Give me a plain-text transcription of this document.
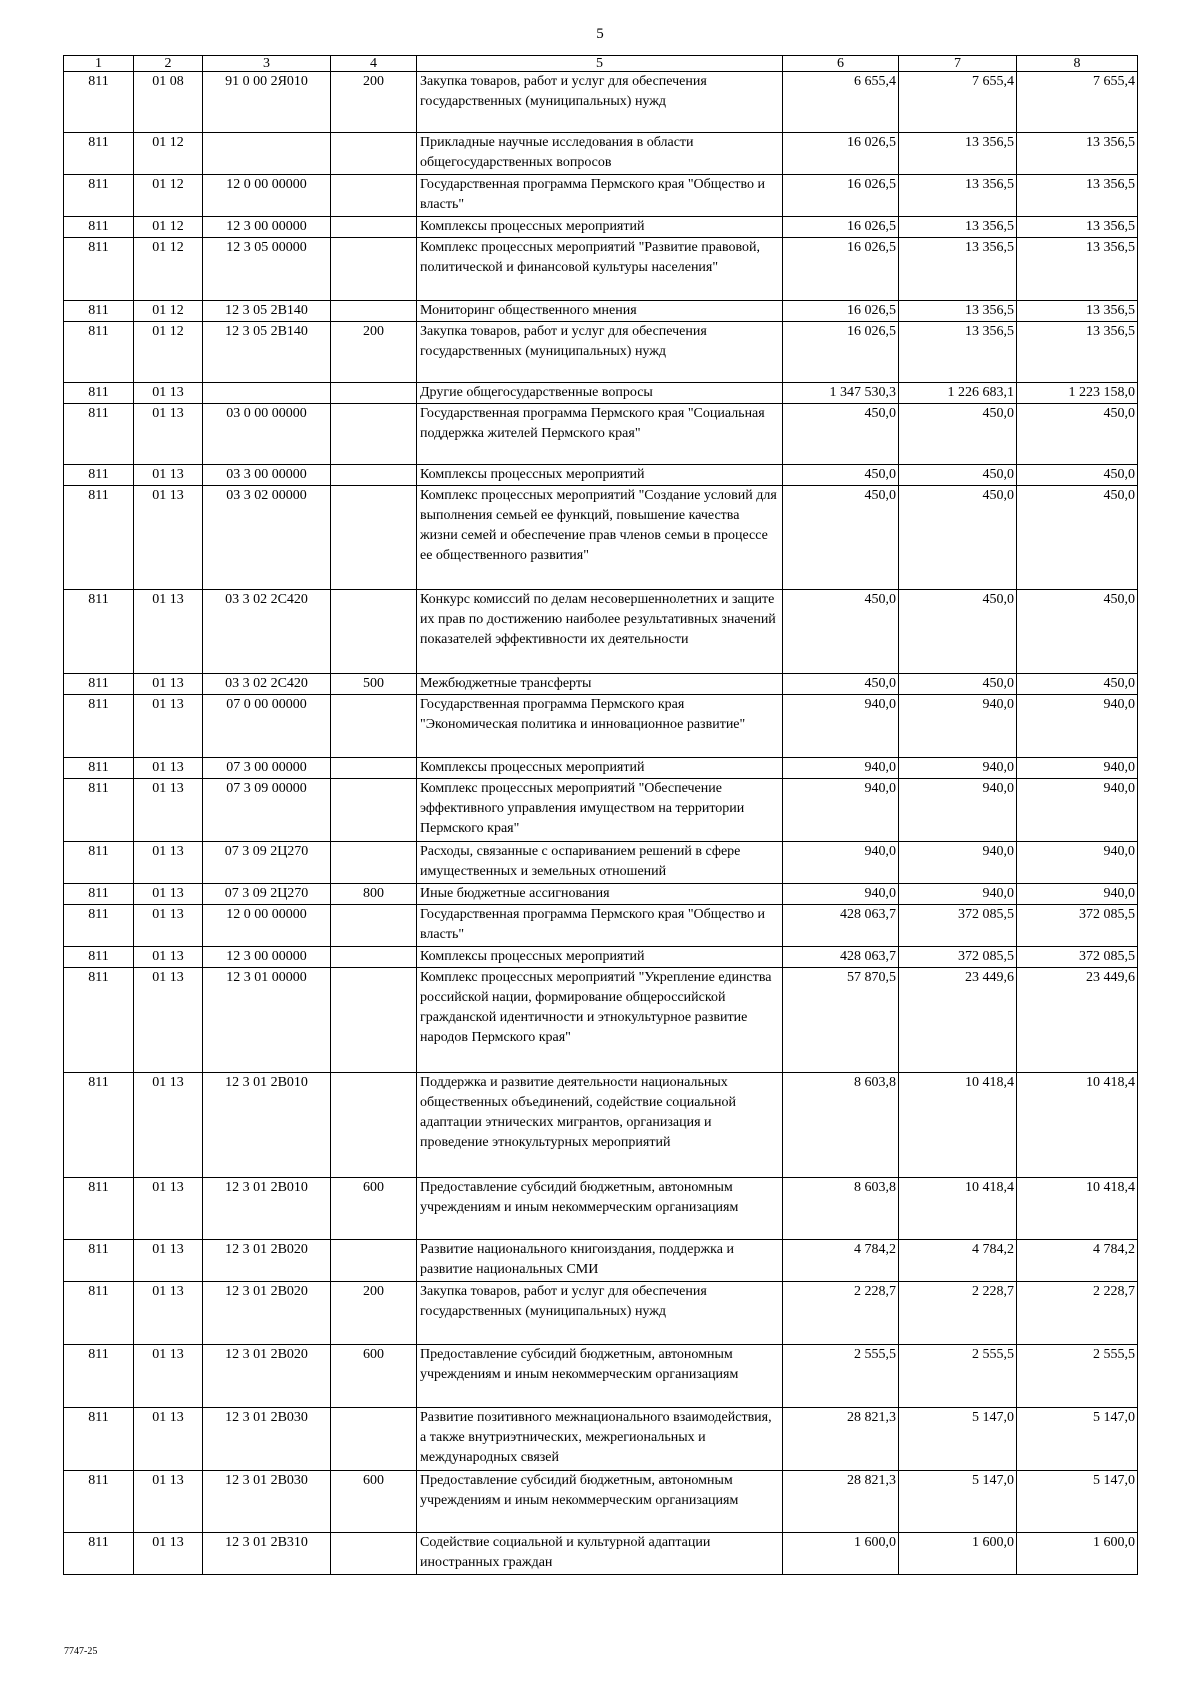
5
1	2	3	4	5	6	7	8
811	01 08	91 0 00 2Я010	200	Закупка товаров, работ и услуг для обеспечения государственных (муниципальных) нужд	6 655,4	7 655,4	7 655,4
811	01 12			Прикладные научные исследования в области общегосударственных вопросов	16 026,5	13 356,5	13 356,5
811	01 12	12 0 00 00000		Государственная программа Пермского края "Общество и власть"	16 026,5	13 356,5	13 356,5
811	01 12	12 3 00 00000		Комплексы процессных мероприятий	16 026,5	13 356,5	13 356,5
811	01 12	12 3 05 00000		Комплекс процессных мероприятий "Развитие правовой, политической и финансовой культуры населения"	16 026,5	13 356,5	13 356,5
811	01 12	12 3 05 2В140		Мониторинг общественного мнения	16 026,5	13 356,5	13 356,5
811	01 12	12 3 05 2В140	200	Закупка товаров, работ и услуг для обеспечения государственных (муниципальных) нужд	16 026,5	13 356,5	13 356,5
811	01 13			Другие общегосударственные вопросы	1 347 530,3	1 226 683,1	1 223 158,0
811	01 13	03 0 00 00000		Государственная программа Пермского края "Социальная поддержка жителей Пермского края"	450,0	450,0	450,0
811	01 13	03 3 00 00000		Комплексы процессных мероприятий	450,0	450,0	450,0
811	01 13	03 3 02 00000		Комплекс процессных мероприятий "Создание условий для выполнения семьей ее функций, повышение качества жизни семей и обеспечение прав членов семьи в процессе ее общественного развития"	450,0	450,0	450,0
811	01 13	03 3 02 2С420		Конкурс комиссий по делам несовершеннолетних и защите их прав по достижению наиболее результативных значений показателей эффективности их деятельности	450,0	450,0	450,0
811	01 13	03 3 02 2С420	500	Межбюджетные трансферты	450,0	450,0	450,0
811	01 13	07 0 00 00000		Государственная программа Пермского края "Экономическая политика и инновационное развитие"	940,0	940,0	940,0
811	01 13	07 3 00 00000		Комплексы процессных мероприятий	940,0	940,0	940,0
811	01 13	07 3 09 00000		Комплекс процессных мероприятий "Обеспечение эффективного управления имуществом на территории Пермского края"	940,0	940,0	940,0
811	01 13	07 3 09 2Ц270		Расходы, связанные с оспариванием решений в сфере имущественных и земельных отношений	940,0	940,0	940,0
811	01 13	07 3 09 2Ц270	800	Иные бюджетные ассигнования	940,0	940,0	940,0
811	01 13	12 0 00 00000		Государственная программа Пермского края "Общество и власть"	428 063,7	372 085,5	372 085,5
811	01 13	12 3 00 00000		Комплексы процессных мероприятий	428 063,7	372 085,5	372 085,5
811	01 13	12 3 01 00000		Комплекс процессных мероприятий "Укрепление единства российской нации, формирование общероссийской гражданской идентичности и этнокультурное развитие народов Пермского края"	57 870,5	23 449,6	23 449,6
811	01 13	12 3 01 2В010		Поддержка и развитие деятельности национальных общественных объединений, содействие социальной адаптации этнических мигрантов, организация и проведение этнокультурных мероприятий	8 603,8	10 418,4	10 418,4
811	01 13	12 3 01 2В010	600	Предоставление субсидий бюджетным, автономным учреждениям и иным некоммерческим организациям	8 603,8	10 418,4	10 418,4
811	01 13	12 3 01 2В020		Развитие национального книгоиздания, поддержка и развитие национальных СМИ	4 784,2	4 784,2	4 784,2
811	01 13	12 3 01 2В020	200	Закупка товаров, работ и услуг для обеспечения государственных (муниципальных) нужд	2 228,7	2 228,7	2 228,7
811	01 13	12 3 01 2В020	600	Предоставление субсидий бюджетным, автономным учреждениям и иным некоммерческим организациям	2 555,5	2 555,5	2 555,5
811	01 13	12 3 01 2В030		Развитие позитивного межнационального взаимодействия, а также внутриэтнических, межрегиональных и международных связей	28 821,3	5 147,0	5 147,0
811	01 13	12 3 01 2В030	600	Предоставление субсидий бюджетным, автономным учреждениям и иным некоммерческим организациям	28 821,3	5 147,0	5 147,0
811	01 13	12 3 01 2В310		Содействие социальной и культурной адаптации иностранных граждан	1 600,0	1 600,0	1 600,0
7747-25
